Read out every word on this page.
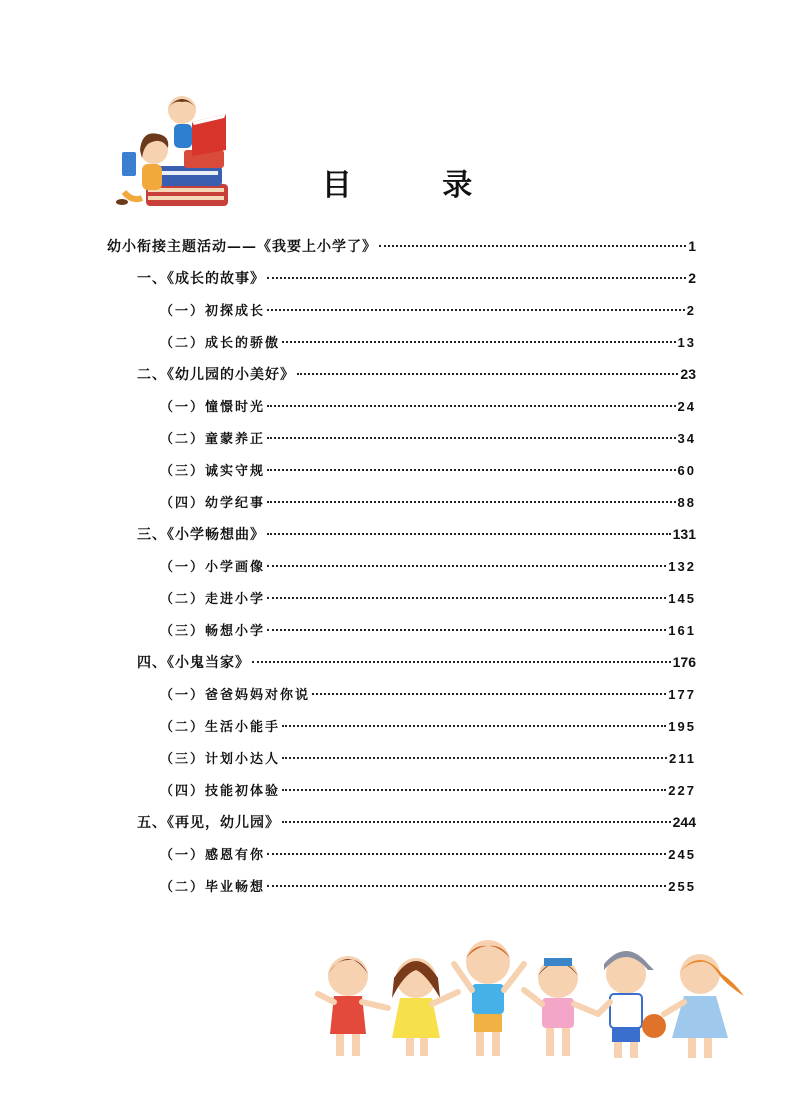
目 录
幼小衔接主题活动——《我要上小学了》	1
一、《成长的故事》	2
（一）初探成长	2
（二）成长的骄傲	13
二、《幼儿园的小美好》	23
（一）憧憬时光	24
（二）童蒙养正	34
（三）诚实守规	60
（四）幼学纪事	88
三、《小学畅想曲》	131
（一）小学画像	132
（二）走进小学	145
（三）畅想小学	161
四、《小鬼当家》	176
（一）爸爸妈妈对你说	177
（二）生活小能手	195
（三）计划小达人	211
（四）技能初体验	227
五、《再见，幼儿园》	244
（一）感恩有你	245
（二）毕业畅想	255
